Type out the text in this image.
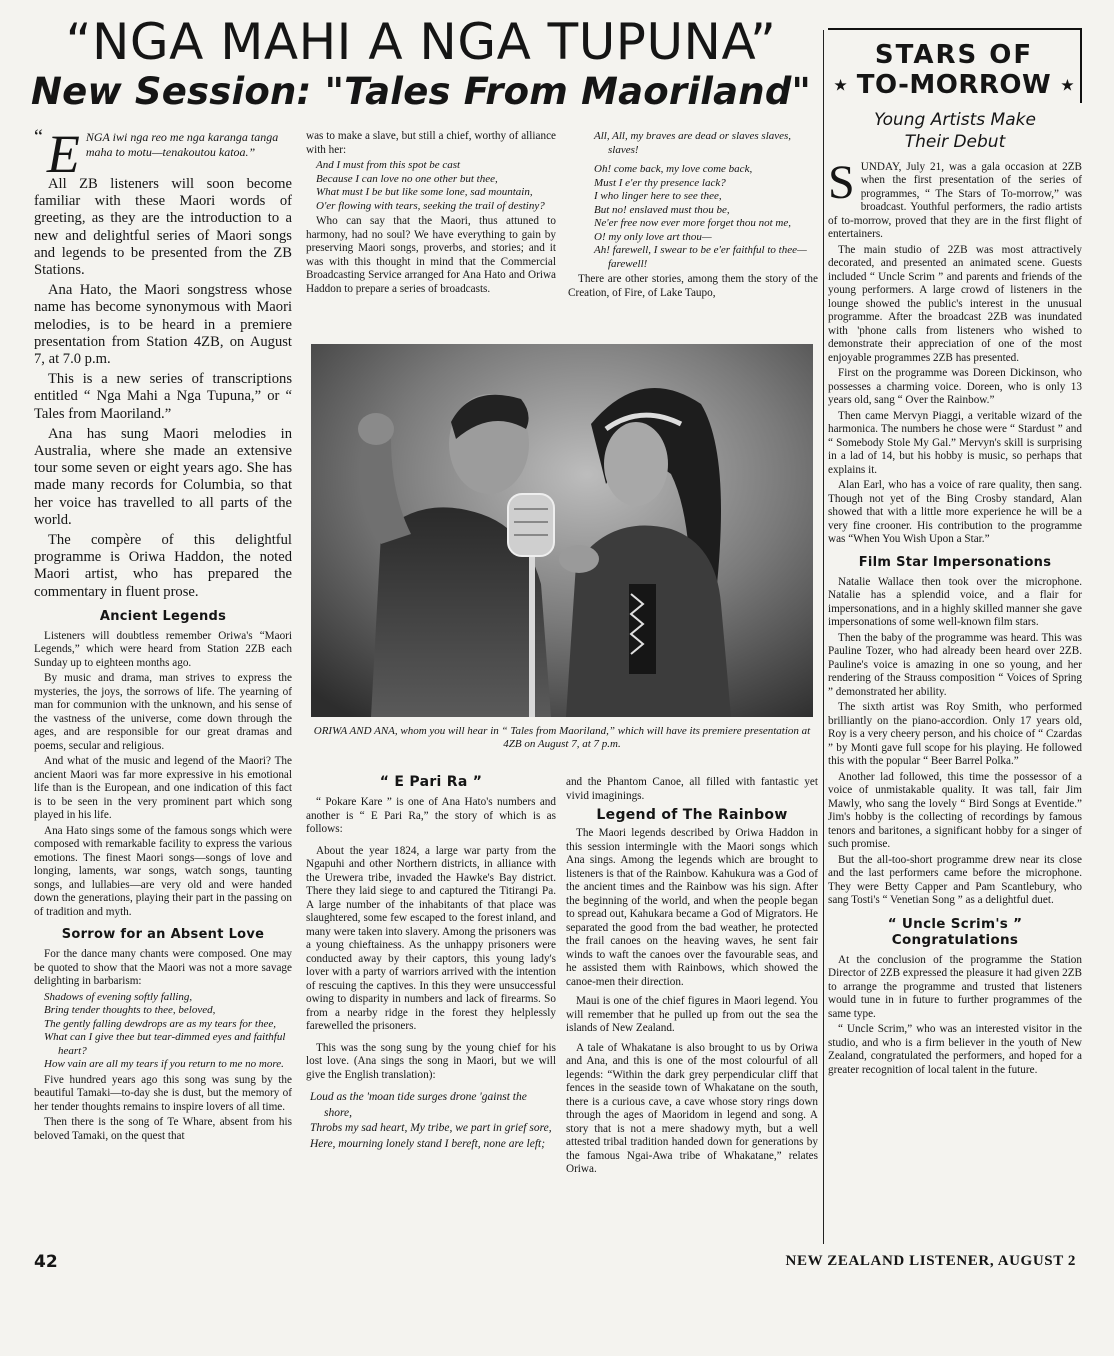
“NGA MAHI A NGA TUPUNA”
New Session: "Tales From Maoriland"
“ E NGA iwi nga reo me nga karanga tanga maha to motu—tenakoutou katoa.”

All ZB listeners will soon become familiar with these Maori words of greeting, as they are the introduction to a new and delightful series of Maori songs and legends to be presented from the ZB Stations.

Ana Hato, the Maori songstress whose name has become synonymous with Maori melodies, is to be heard in a premiere presentation from Station 4ZB, on August 7, at 7.0 p.m.

This is a new series of transcriptions entitled “ Nga Mahi a Nga Tupuna,” or “ Tales from Maoriland.”

Ana has sung Maori melodies in Australia, where she made an extensive tour some seven or eight years ago. She has made many records for Columbia, so that her voice has travelled to all parts of the world.

The compère of this delightful programme is Oriwa Haddon, the noted Maori artist, who has prepared the commentary in fluent prose.

Ancient Legends

Listeners will doubtless remember Oriwa's “Maori Legends,” which were heard from Station 2ZB each Sunday up to eighteen months ago.

By music and drama, man strives to express the mysteries, the joys, the sorrows of life. The yearning of man for communion with the unknown, and his sense of the vastness of the universe, come down through the ages, and are responsible for our great dramas and poems, secular and religious.

And what of the music and legend of the Maori? The ancient Maori was far more expressive in his emotional life than is the European, and one indication of this fact is to be seen in the very prominent part which song played in his life.

Ana Hato sings some of the famous songs which were composed with remarkable facility to express the various emotions. The finest Maori songs—songs of love and longing, laments, war songs, watch songs, taunting songs, and lullabies—are very old and were handed down the generations, playing their part in the passing on of tradition and myth.

Sorrow for an Absent Love

For the dance many chants were composed. One may be quoted to show that the Maori was not a more savage delighting in barbarism:

Shadows of evening softly falling,
Bring tender thoughts to thee, beloved,
The gently falling dewdrops are as my tears for thee,
What can I give thee but tear-dimmed eyes and faithful heart?
How vain are all my tears if you return to me no more.

Five hundred years ago this song was sung by the beautiful Tamaki—to-day she is dust, but the memory of her tender thoughts remains to inspire lovers of all time.

Then there is the song of Te Whare, absent from his beloved Tamaki, on the quest that

was to make a slave, but still a chief, worthy of alliance with her:

And I must from this spot be cast
Because I can love no one other but thee,
What must I be but like some lone, sad mountain,
O'er flowing with tears, seeking the trail of destiny?

Who can say that the Maori, thus attuned to harmony, had no soul? We have everything to gain by preserving Maori songs, proverbs, and stories; and it was with this thought in mind that the Commercial Broadcasting Service arranged for Ana Hato and Oriwa Haddon to prepare a series of broadcasts.

All, All, my braves are dead or slaves slaves, slaves!
Oh! come back, my love come back,
Must I e'er thy presence lack?
I who linger here to see thee,
But no! enslaved must thou be,
Ne'er free now ever more forget thou not me,
O! my only love art thou—
Ah! farewell, I swear to be e'er faithful to thee—farewell!

There are other stories, among them the story of the Creation, of Fire, of Lake Taupo,

ORIWA AND ANA, whom you will hear in “ Tales from Maoriland,” which will have its premiere presentation at 4ZB on August 7, at 7 p.m.
“ E Pari Ra ”

“ Pokare Kare ” is one of Ana Hato's numbers and another is “ E Pari Ra,” the story of which is as follows:

About the year 1824, a large war party from the Ngapuhi and other Northern districts, in alliance with the Urewera tribe, invaded the Hawke's Bay district. There they laid siege to and captured the Titirangi Pa. A large number of the inhabitants of that place was slaughtered, some few escaped to the forest inland, and many were taken into slavery. Among the prisoners was a young chieftainess. As the unhappy prisoners were conducted away by their captors, this young lady's lover with a party of warriors arrived with the intention of rescuing the captives. In this they were unsuccessful owing to disparity in numbers and lack of firearms. So from a nearby ridge in the forest they helplessly farewelled the prisoners.

This was the song sung by the young chief for his lost love. (Ana sings the song in Maori, but we will give the English translation):

Loud as the 'moan tide surges drone 'gainst the shore,
Throbs my sad heart, My tribe, we part in grief sore,
Here, mourning lonely stand I bereft, none are left;

and the Phantom Canoe, all filled with fantastic yet vivid imaginings.

Legend of The Rainbow

The Maori legends described by Oriwa Haddon in this session intermingle with the Maori songs which Ana sings. Among the legends which are brought to listeners is that of the Rainbow. Kahukura was a God of the ancient times and the Rainbow was his sign. After the beginning of the world, and when the people began to spread out, Kahukara became a God of Migrators. He separated the good from the bad weather, he protected the frail canoes on the heaving waves, he sent fair winds to waft the canoes over the favourable seas, and he assisted them with Rainbows, which showed the canoe-men their direction.

Maui is one of the chief figures in Maori legend. You will remember that he pulled up from out the sea the islands of New Zealand.

A tale of Whakatane is also brought to us by Oriwa and Ana, and this is one of the most colourful of all legends: “Within the dark grey perpendicular cliff that fences in the seaside town of Whakatane on the south, there is a curious cave, a cave whose story rings down through the ages of Maoridom in legend and song. A story that is not a mere shadowy myth, but a well attested tribal tradition handed down for generations by the famous Ngai-Awa tribe of Whakatane,” relates Oriwa.

STARS OF
★ TO-MORROW ★
Young Artists Make Their Debut

S UNDAY, July 21, was a gala occasion at 2ZB when the first presentation of the series of programmes, “ The Stars of To-morrow,” was broadcast. Youthful performers, the radio artists of to-morrow, proved that they are in the first flight of entertainers.

The main studio of 2ZB was most attractively decorated, and presented an animated scene. Guests included “ Uncle Scrim ” and parents and friends of the young performers. A large crowd of listeners in the lounge showed the public's interest in the unusual programme. After the broadcast 2ZB was inundated with 'phone calls from listeners who wished to demonstrate their appreciation of one of the most enjoyable programmes 2ZB has presented.

First on the programme was Doreen Dickinson, who possesses a charming voice. Doreen, who is only 13 years old, sang “ Over the Rainbow.”

Then came Mervyn Piaggi, a veritable wizard of the harmonica. The numbers he chose were “ Stardust ” and “ Somebody Stole My Gal.” Mervyn's skill is surprising in a lad of 14, but his hobby is music, so perhaps that explains it.

Alan Earl, who has a voice of rare quality, then sang. Though not yet of the Bing Crosby standard, Alan showed that with a little more experience he will be a very fine crooner. His contribution to the programme was “When You Wish Upon a Star.”

Film Star Impersonations

Natalie Wallace then took over the microphone. Natalie has a splendid voice, and a flair for impersonations, and in a highly skilled manner she gave impersonations of some well-known film stars.

Then the baby of the programme was heard. This was Pauline Tozer, who had already been heard over 2ZB. Pauline's voice is amazing in one so young, and her rendering of the Strauss composition “ Voices of Spring ” demonstrated her ability.

The sixth artist was Roy Smith, who performed brilliantly on the piano-accordion. Only 17 years old, Roy is a very cheery person, and his choice of “ Czardas ” by Monti gave full scope for his playing. He followed this with the popular “ Beer Barrel Polka.”

Another lad followed, this time the possessor of a voice of unmistakable quality. It was tall, fair Jim Mawly, who sang the lovely “ Bird Songs at Eventide.” Jim's hobby is the collecting of recordings by famous tenors and baritones, a significant hobby for a singer of such promise.

But the all-too-short programme drew near its close and the last performers came before the microphone. They were Betty Capper and Pam Scantlebury, who sang Tosti's “ Venetian Song ” as a delightful duet.

“ Uncle Scrim's ” Congratulations

At the conclusion of the programme the Station Director of 2ZB expressed the pleasure it had given 2ZB to arrange the programme and trusted that listeners would tune in in future to further programmes of the same type.

“ Uncle Scrim,” who was an interested visitor in the studio, and who is a firm believer in the youth of New Zealand, congratulated the performers, and hoped for a greater recognition of local talent in the future.

42	NEW ZEALAND LISTENER, AUGUST 2
